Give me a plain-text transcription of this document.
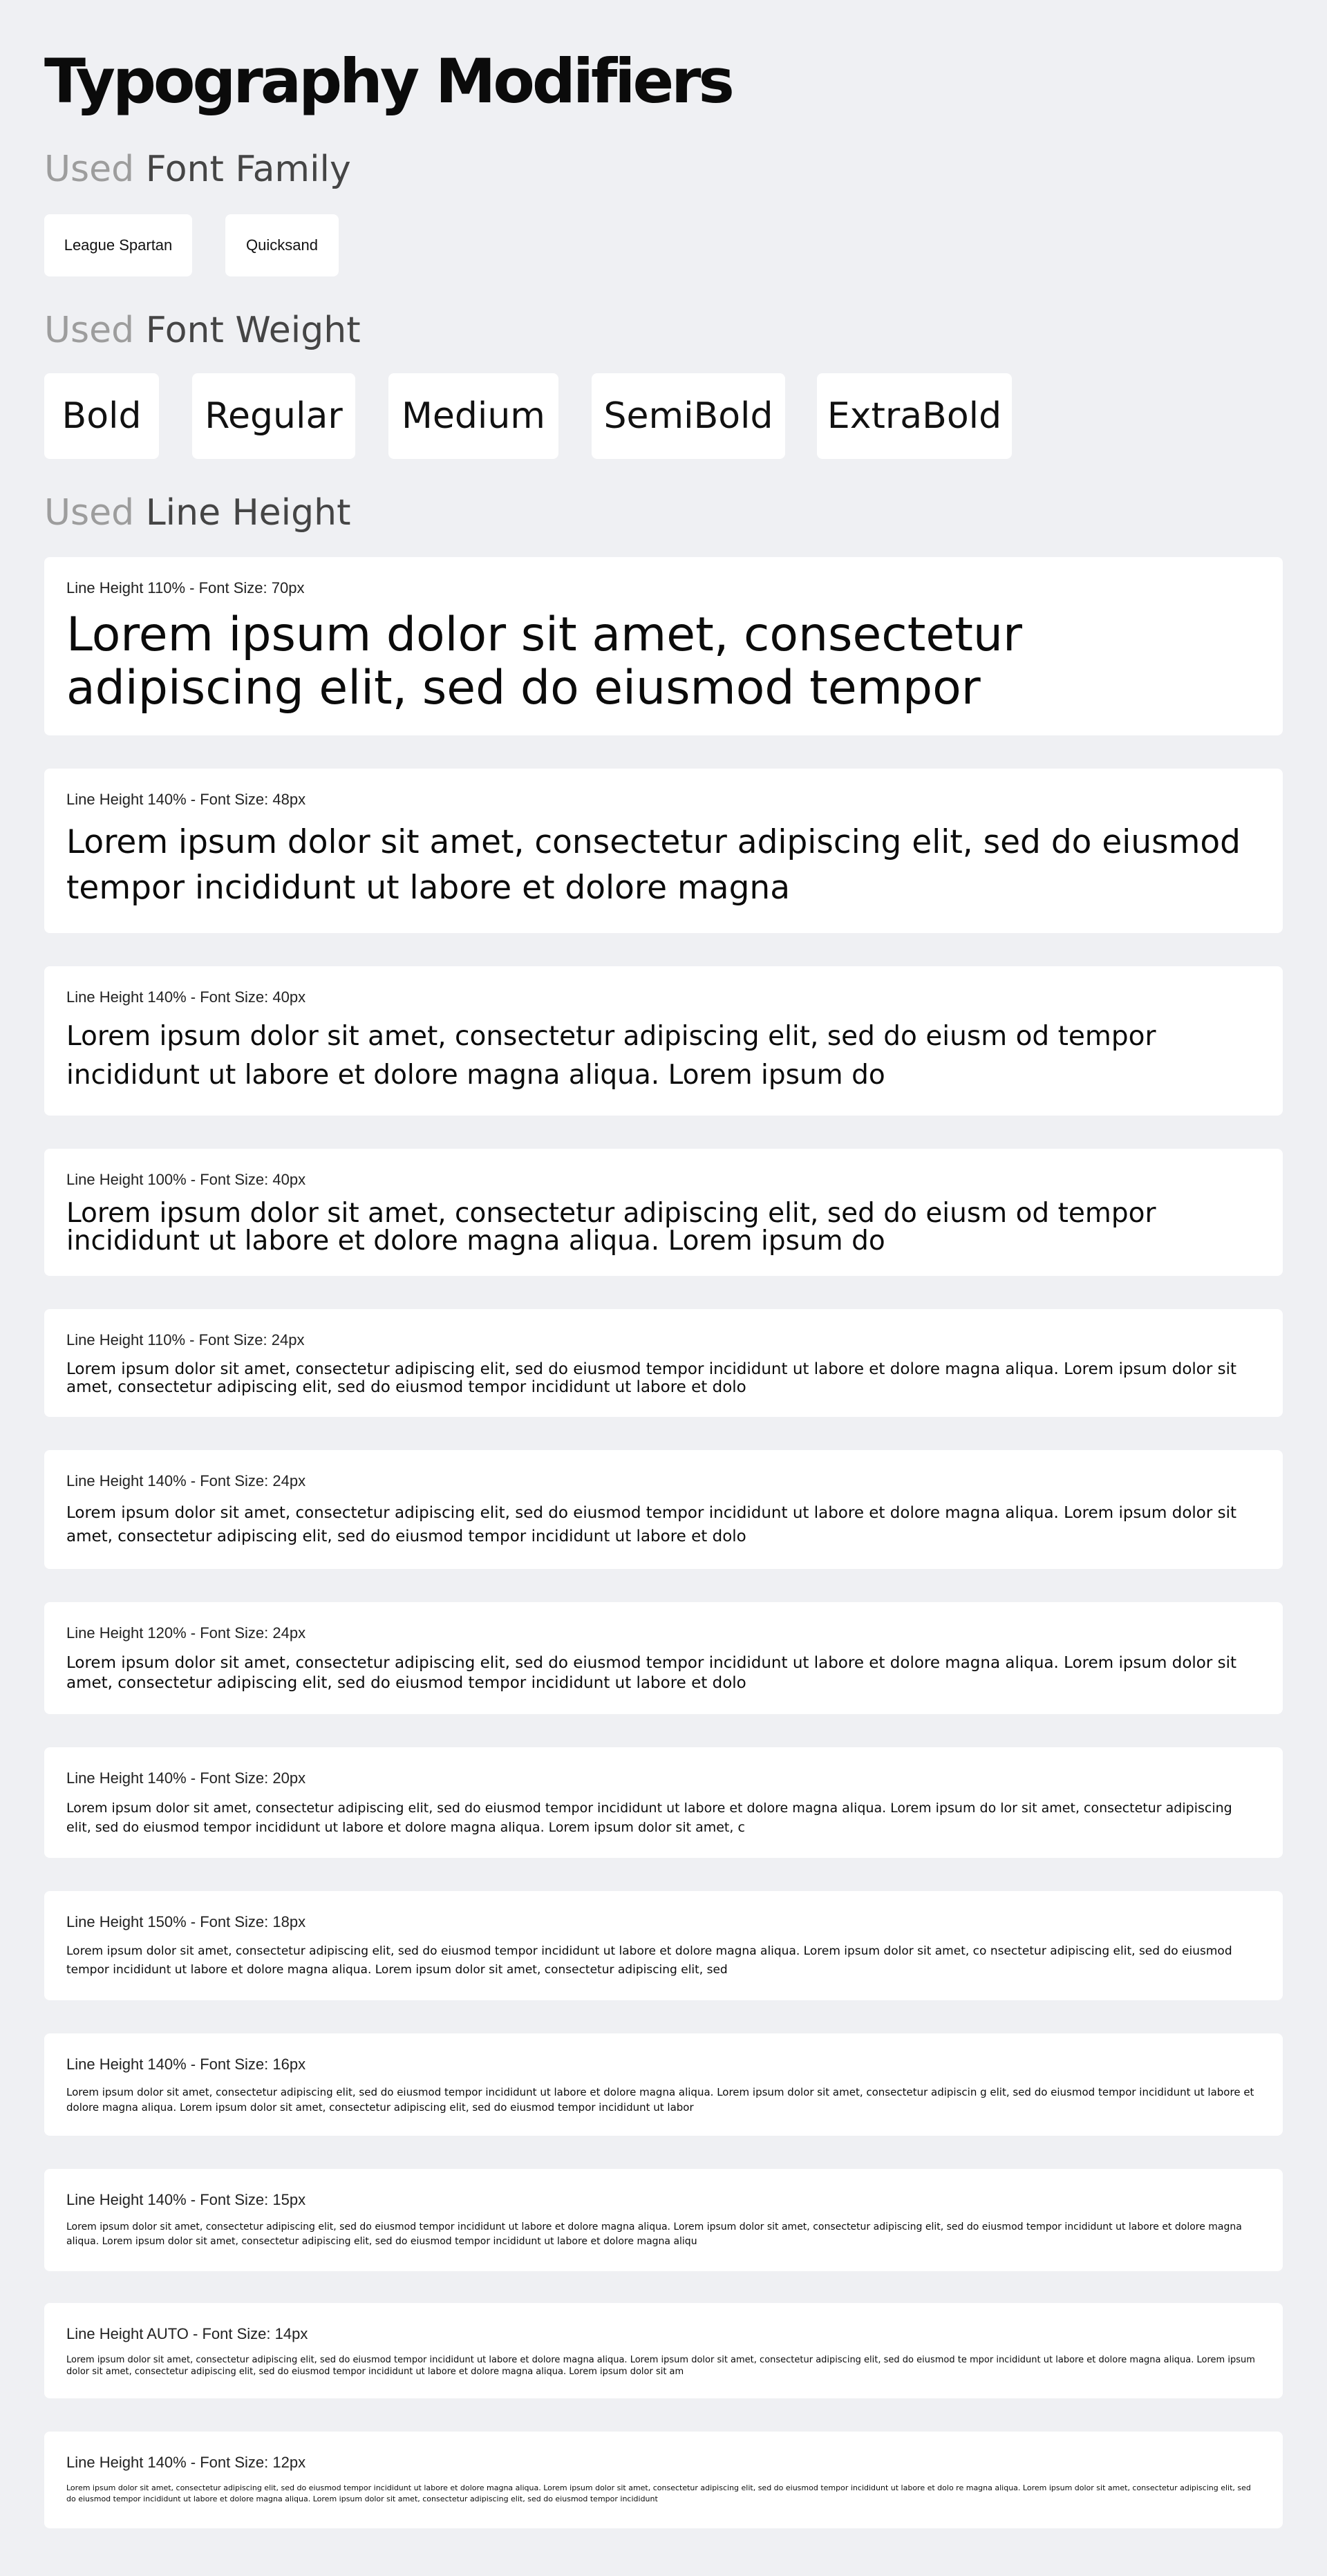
Typography Modifiers
Used Font Family
League Spartan	Quicksand
Used Font Weight
Bold Regular Medium SemiBold ExtraBold
Used Line Height
Line Height 110% - Font Size: 70px

Lorem ipsum dolor sit amet, consectetur adipiscing elit, sed do eiusmod tempor

Line Height 140% - Font Size: 48px

Lorem ipsum dolor sit amet, consectetur adipiscing elit, sed do eiusmod tempor incididunt ut labore et dolore magna

Line Height 140% - Font Size: 40px

Lorem ipsum dolor sit amet, consectetur adipiscing elit, sed do eiusm od tempor incididunt ut labore et dolore magna aliqua. Lorem ipsum do

Line Height 100% - Font Size: 40px

Lorem ipsum dolor sit amet, consectetur adipiscing elit, sed do eiusm od tempor incididunt ut labore et dolore magna aliqua. Lorem ipsum do

Line Height 110% - Font Size: 24px

Lorem ipsum dolor sit amet, consectetur adipiscing elit, sed do eiusmod tempor incididunt ut labore et dolore magna aliqua. Lorem ipsum dolor sit amet, consectetur adipiscing elit, sed do eiusmod tempor incididunt ut labore et dolo

Line Height 140% - Font Size: 24px

Lorem ipsum dolor sit amet, consectetur adipiscing elit, sed do eiusmod tempor incididunt ut labore et dolore magna aliqua. Lorem ipsum dolor sit amet, consectetur adipiscing elit, sed do eiusmod tempor incididunt ut labore et dolo

Line Height 120% - Font Size: 24px

Lorem ipsum dolor sit amet, consectetur adipiscing elit, sed do eiusmod tempor incididunt ut labore et dolore magna aliqua. Lorem ipsum dolor sit amet, consectetur adipiscing elit, sed do eiusmod tempor incididunt ut labore et dolo

Line Height 140% - Font Size: 20px

Lorem ipsum dolor sit amet, consectetur adipiscing elit, sed do eiusmod tempor incididunt ut labore et dolore magna aliqua. Lorem ipsum do lor sit amet, consectetur adipiscing elit, sed do eiusmod tempor incididunt ut labore et dolore magna aliqua. Lorem ipsum dolor sit amet, c

Line Height 150% - Font Size: 18px

Lorem ipsum dolor sit amet, consectetur adipiscing elit, sed do eiusmod tempor incididunt ut labore et dolore magna aliqua. Lorem ipsum dolor sit amet, co nsectetur adipiscing elit, sed do eiusmod tempor incididunt ut labore et dolore magna aliqua. Lorem ipsum dolor sit amet, consectetur adipiscing elit, sed

Line Height 140% - Font Size: 16px

Lorem ipsum dolor sit amet, consectetur adipiscing elit, sed do eiusmod tempor incididunt ut labore et dolore magna aliqua. Lorem ipsum dolor sit amet, consectetur adipiscin g elit, sed do eiusmod tempor incididunt ut labore et dolore magna aliqua. Lorem ipsum dolor sit amet, consectetur adipiscing elit, sed do eiusmod tempor incididunt ut labor

Line Height 140% - Font Size: 15px

Lorem ipsum dolor sit amet, consectetur adipiscing elit, sed do eiusmod tempor incididunt ut labore et dolore magna aliqua. Lorem ipsum dolor sit amet, consectetur adipiscing elit, sed do eiusmod tempor incididunt ut labore et dolore magna aliqua. Lorem ipsum dolor sit amet, consectetur adipiscing elit, sed do eiusmod tempor incididunt ut labore et dolore magna aliqu

Line Height AUTO - Font Size: 14px

Lorem ipsum dolor sit amet, consectetur adipiscing elit, sed do eiusmod tempor incididunt ut labore et dolore magna aliqua. Lorem ipsum dolor sit amet, consectetur adipiscing elit, sed do eiusmod te mpor incididunt ut labore et dolore magna aliqua. Lorem ipsum dolor sit amet, consectetur adipiscing elit, sed do eiusmod tempor incididunt ut labore et dolore magna aliqua. Lorem ipsum dolor sit am

Line Height 140% - Font Size: 12px

Lorem ipsum dolor sit amet, consectetur adipiscing elit, sed do eiusmod tempor incididunt ut labore et dolore magna aliqua. Lorem ipsum dolor sit amet, consectetur adipiscing elit, sed do eiusmod tempor incididunt ut labore et dolo re magna aliqua. Lorem ipsum dolor sit amet, consectetur adipiscing elit, sed do eiusmod tempor incididunt ut labore et dolore magna aliqua. Lorem ipsum dolor sit amet, consectetur adipiscing elit, sed do eiusmod tempor incididunt
